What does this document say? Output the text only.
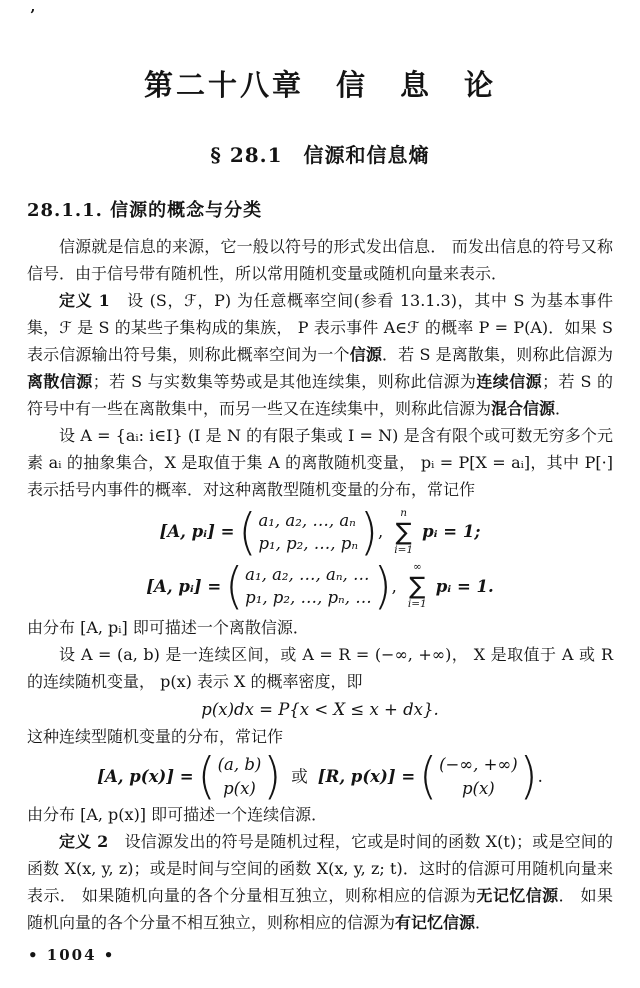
’
第二十八章　信　息　论
§ 28.1　信源和信息熵
28.1.1. 信源的概念与分类

信源就是信息的来源，它一般以符号的形式发出信息． 而发出信息的符号又称信号．由于信号带有随机性，所以常用随机变量或随机向量来表示．

定义 1　设 (S，ℱ，P) 为任意概率空间(参看 13.1.3)，其中 S 为基本事件集，ℱ 是 S 的某些子集构成的集族， P 表示事件 A∈ℱ 的概率 P = P(A)．如果 S 表示信源输出符号集，则称此概率空间为一个信源．若 S 是离散集，则称此信源为离散信源；若 S 与实数集等势或是其他连续集，则称此信源为连续信源；若 S 的符号中有一些在离散集中，而另一些又在连续集中，则称此信源为混合信源．

设 A = {aᵢ: i∈I} (I 是 N 的有限子集或 I = N) 是含有限个或可数无穷多个元素 aᵢ 的抽象集合，X 是取值于集 A 的离散随机变量， pᵢ = P[X = aᵢ]，其中 P[·] 表示括号内事件的概率．对这种离散型随机变量的分布，常记作

[A, pᵢ] = ( a₁, a₂, …, aₙ
p₁, p₂, …, pₙ ) ,
n
∑
i=1
pᵢ = 1;
[A, pᵢ] = ( a₁, a₂, …, aₙ, …
p₁, p₂, …, pₙ, … ) ,
∞
∑
i=1
pᵢ = 1.

由分布 [A, pᵢ] 即可描述一个离散信源．

设 A = (a, b) 是一连续区间，或 A = R = (−∞, +∞)， X 是取值于 A 或 R 的连续随机变量， p(x) 表示 X 的概率密度，即

p(x)dx = P{x < X ≤ x + dx}.

这种连续型随机变量的分布，常记作

[A, p(x)] = ( (a, b)
p(x) ) 或 [R, p(x)] = ( (−∞, +∞)
p(x) ) .

由分布 [A, p(x)] 即可描述一个连续信源．

定义 2　设信源发出的符号是随机过程，它或是时间的函数 X(t)；或是空间的函数 X(x, y, z)；或是时间与空间的函数 X(x, y, z; t)．这时的信源可用随机向量来表示． 如果随机向量的各个分量相互独立，则称相应的信源为无记忆信源． 如果随机向量的各个分量不相互独立，则称相应的信源为有记忆信源．

• 1004 •
